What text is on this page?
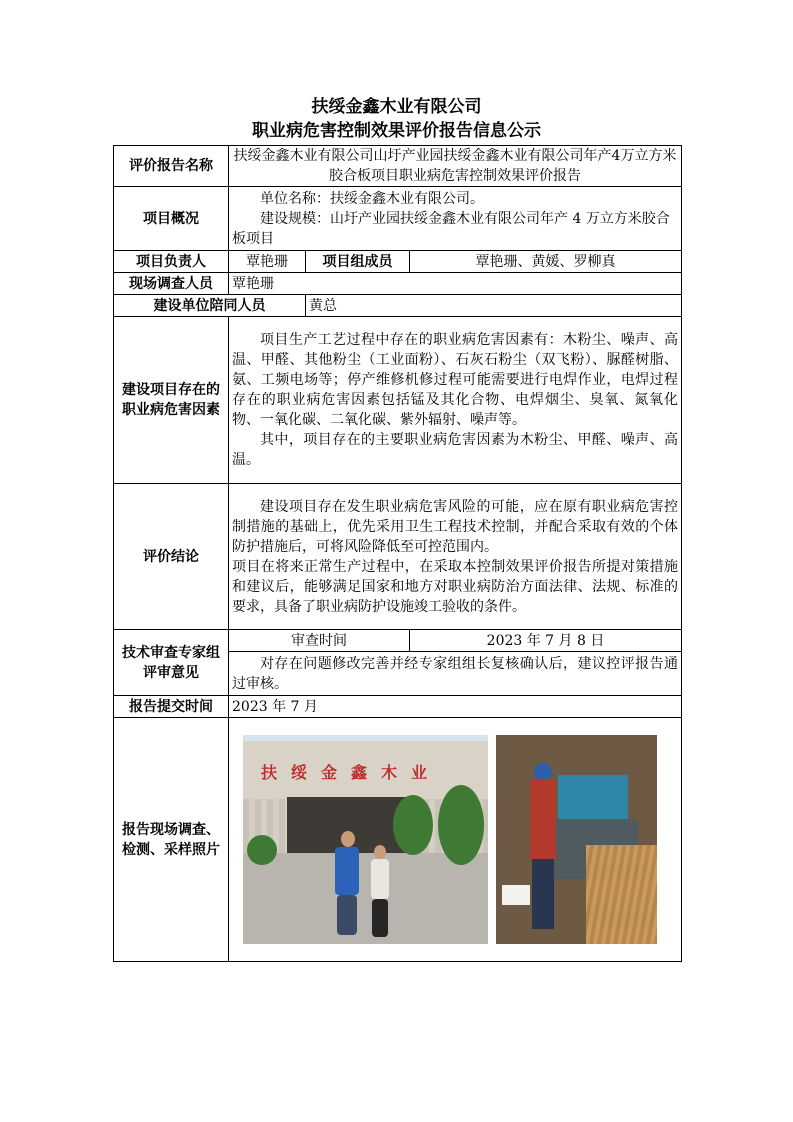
扶绥金鑫木业有限公司
职业病危害控制效果评价报告信息公示
评价报告名称	扶绥金鑫木业有限公司山圩产业园扶绥金鑫木业有限公司年产4万立方米胶合板项目职业病危害控制效果评价报告		
项目概况	单位名称：扶绥金鑫木业有限公司。

建设规模：山圩产业园扶绥金鑫木业有限公司年产 4 万立方米胶合板项目		

项目负责人	覃艳珊	项目组成员	覃艳珊、黄媛、罗柳真
现场调查人员	覃艳珊		
建设单位陪同人员		黄总	
建设项目存在的职业病危害因素	项目生产工艺过程中存在的职业病危害因素有：木粉尘、噪声、高温、甲醛、其他粉尘（工业面粉）、石灰石粉尘（双飞粉）、脲醛树脂、氨、工频电场等；停产维修机修过程可能需要进行电焊作业，电焊过程存在的职业病危害因素包括锰及其化合物、电焊烟尘、臭氧、氮氧化物、一氧化碳、二氧化碳、紫外辐射、噪声等。

其中，项目存在的主要职业病危害因素为木粉尘、甲醛、噪声、高温。		

评价结论	建设项目存在发生职业病危害风险的可能，应在原有职业病危害控制措施的基础上，优先采用卫生工程技术控制，并配合采取有效的个体防护措施后，可将风险降低至可控范围内。

项目在将来正常生产过程中，在采取本控制效果评价报告所提对策措施和建议后，能够满足国家和地方对职业病防治方面法律、法规、标准的要求，具备了职业病防护设施竣工验收的条件。		

技术审查专家组
评审意见	审查时间		2023 年 7 月 8 日
	对存在问题修改完善并经专家组组长复核确认后，建议控评报告通过审核。		
报告提交时间	2023 年 7 月		
报告现场调查、检测、采样照片	扶绥金鑫木业		
